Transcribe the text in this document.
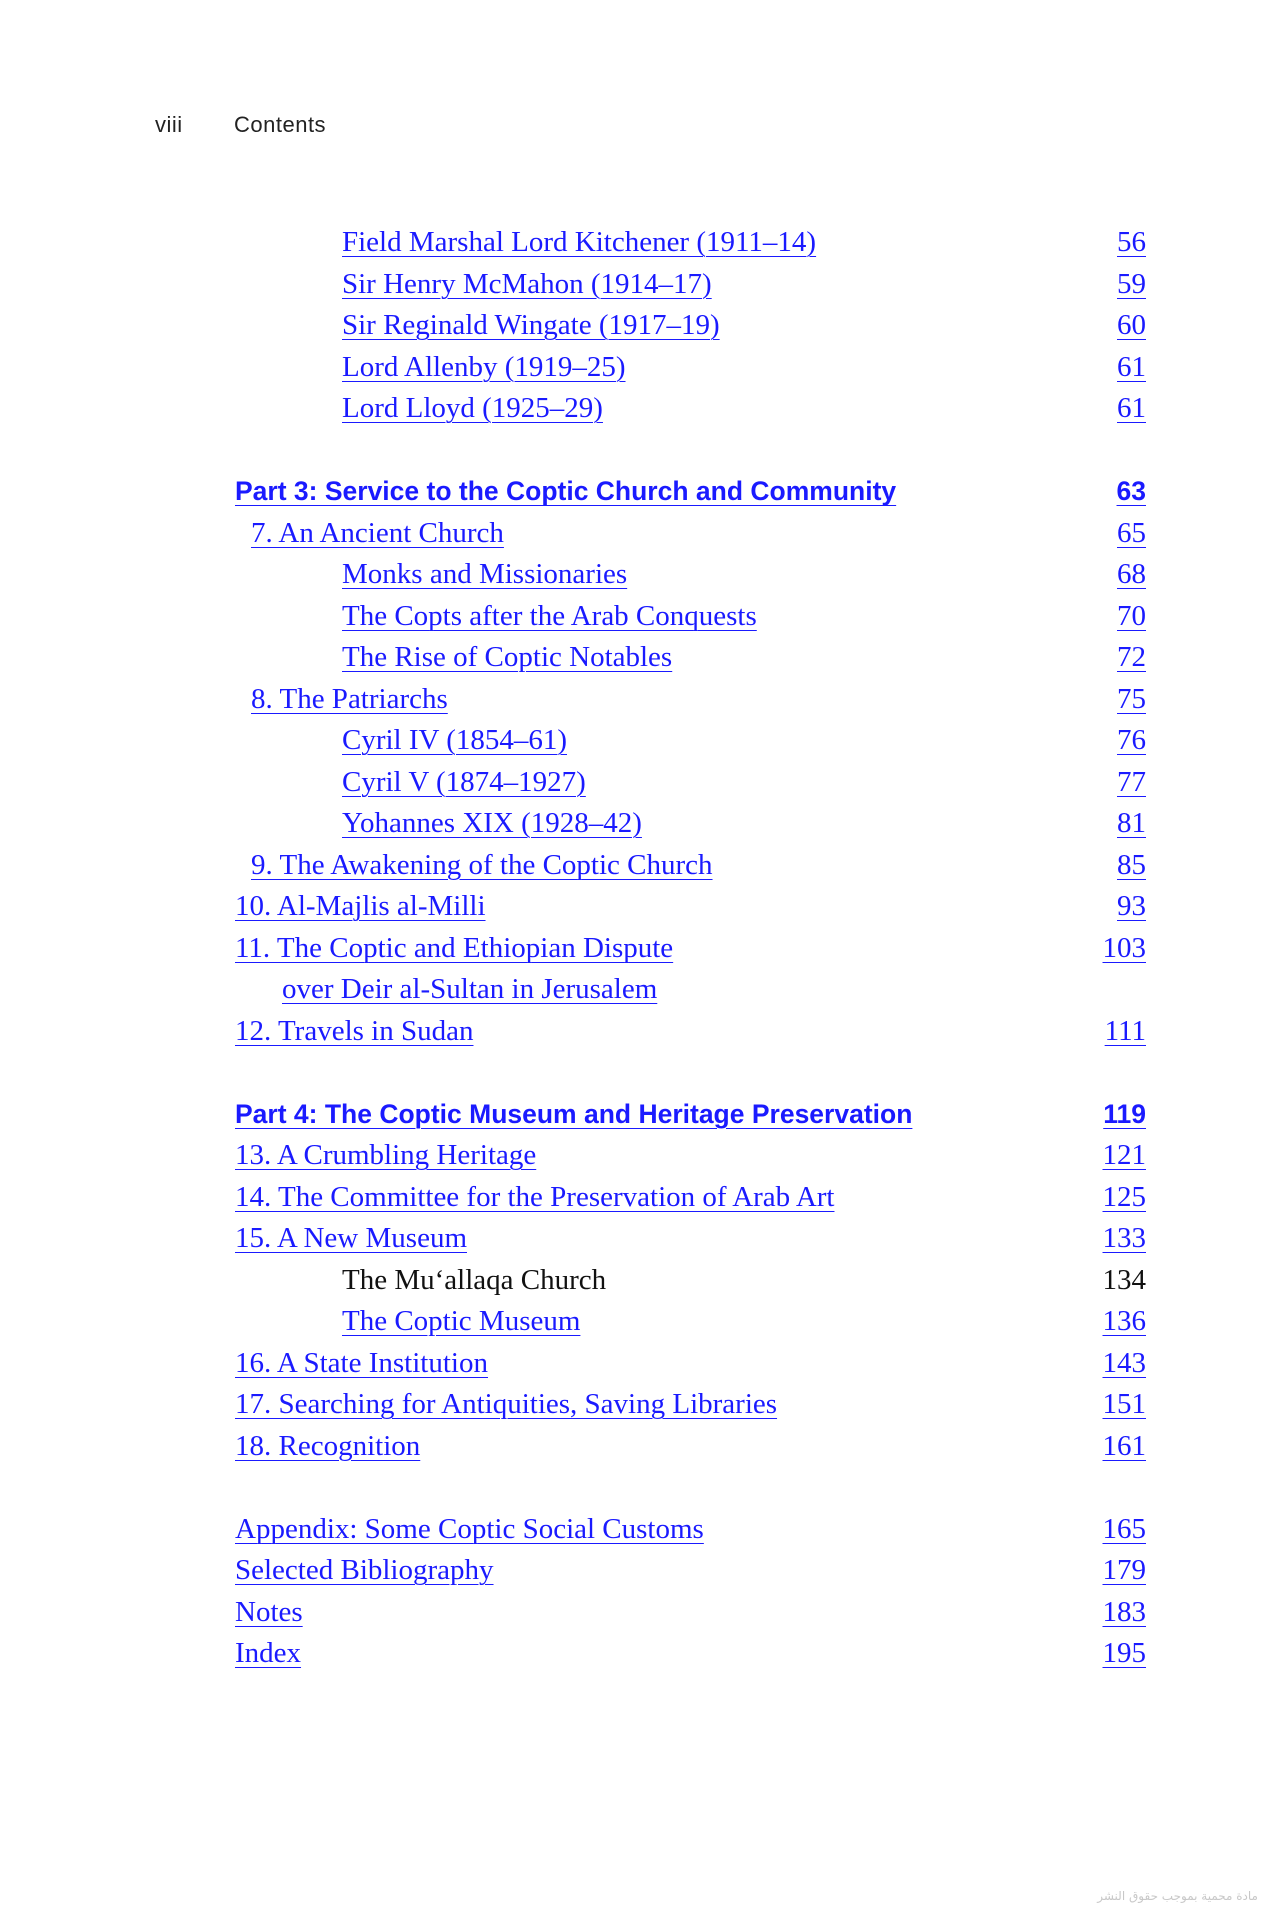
viii Contents
Field Marshal Lord Kitchener (1911–14)	56
Sir Henry McMahon (1914–17)	59
Sir Reginald Wingate (1917–19)	60
Lord Allenby (1919–25)	61
Lord Lloyd (1925–29)	61
Part 3: Service to the Coptic Church and Community	63
7. An Ancient Church	65
Monks and Missionaries	68
The Copts after the Arab Conquests	70
The Rise of Coptic Notables	72
8. The Patriarchs	75
Cyril IV (1854–61)	76
Cyril V (1874–1927)	77
Yohannes XIX (1928–42)	81
9. The Awakening of the Coptic Church	85
10. Al-Majlis al-Milli	93
11. The Coptic and Ethiopian Dispute	103
over Deir al-Sultan in Jerusalem
12. Travels in Sudan	111
Part 4: The Coptic Museum and Heritage Preservation	119
13. A Crumbling Heritage	121
14. The Committee for the Preservation of Arab Art	125
15. A New Museum	133
The Mu‘allaqa Church	134
The Coptic Museum	136
16. A State Institution	143
17. Searching for Antiquities, Saving Libraries	151
18. Recognition	161
Appendix: Some Coptic Social Customs	165
Selected Bibliography	179
Notes	183
Index	195
مادة محمية بموجب حقوق النشر
